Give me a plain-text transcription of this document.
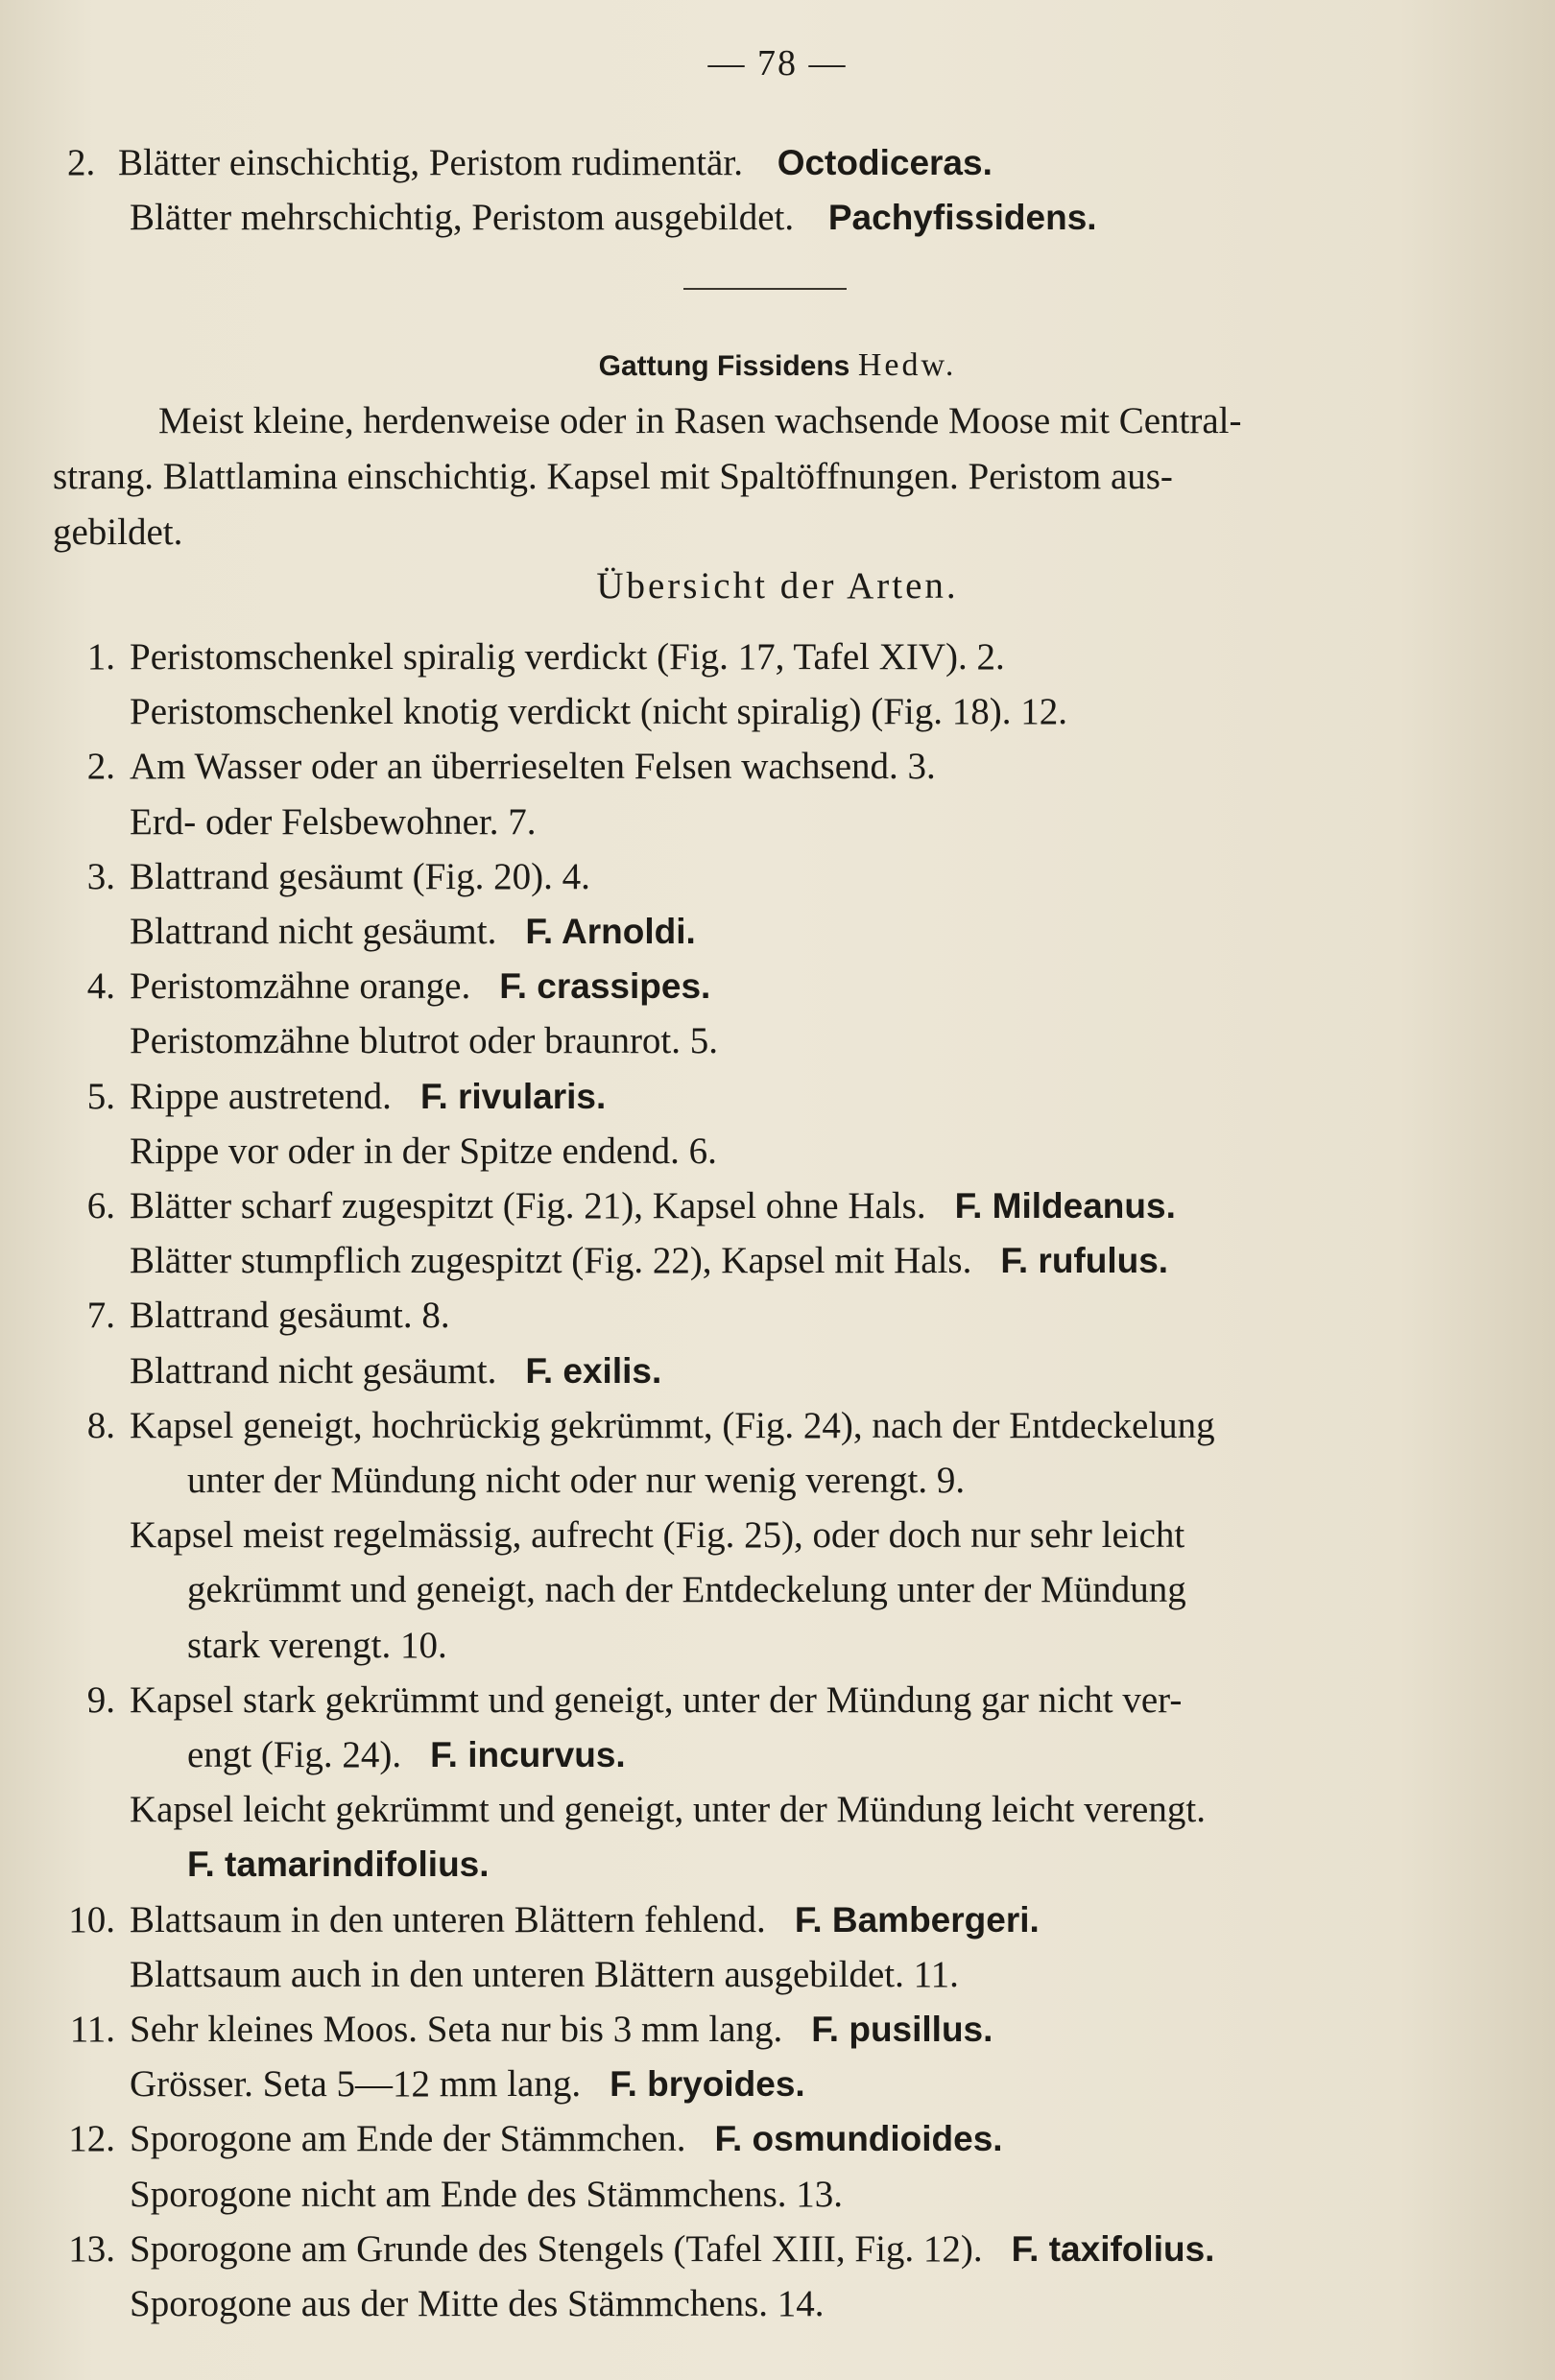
— 78 —
2. Blätter einschichtig, Peristom rudimentär. Octodiceras.
Blätter mehrschichtig, Peristom ausgebildet. Pachyfissidens.
Gattung Fissidens Hedw.
Meist kleine, herdenweise oder in Rasen wachsende Moose mit Central-
strang. Blattlamina einschichtig. Kapsel mit Spaltöffnungen. Peristom aus-
gebildet.
Übersicht der Arten.
1. Peristomschenkel spiralig verdickt (Fig. 17, Tafel XIV). 2.
Peristomschenkel knotig verdickt (nicht spiralig) (Fig. 18). 12.
2. Am Wasser oder an überrieselten Felsen wachsend. 3.
Erd- oder Felsbewohner. 7.
3. Blattrand gesäumt (Fig. 20). 4.
Blattrand nicht gesäumt. F. Arnoldi.
4. Peristomzähne orange. F. crassipes.
Peristomzähne blutrot oder braunrot. 5.
5. Rippe austretend. F. rivularis.
Rippe vor oder in der Spitze endend. 6.
6. Blätter scharf zugespitzt (Fig. 21), Kapsel ohne Hals. F. Mildeanus.
Blätter stumpflich zugespitzt (Fig. 22), Kapsel mit Hals. F. rufulus.
7. Blattrand gesäumt. 8.
Blattrand nicht gesäumt. F. exilis.
8. Kapsel geneigt, hochrückig gekrümmt, (Fig. 24), nach der Entdeckelung
unter der Mündung nicht oder nur wenig verengt. 9.
Kapsel meist regelmässig, aufrecht (Fig. 25), oder doch nur sehr leicht
gekrümmt und geneigt, nach der Entdeckelung unter der Mündung
stark verengt. 10.
9. Kapsel stark gekrümmt und geneigt, unter der Mündung gar nicht ver-
engt (Fig. 24). F. incurvus.
Kapsel leicht gekrümmt und geneigt, unter der Mündung leicht verengt.
F. tamarindifolius.
10. Blattsaum in den unteren Blättern fehlend. F. Bambergeri.
Blattsaum auch in den unteren Blättern ausgebildet. 11.
11. Sehr kleines Moos. Seta nur bis 3 mm lang. F. pusillus.
Grösser. Seta 5—12 mm lang. F. bryoides.
12. Sporogone am Ende der Stämmchen. F. osmundioides.
Sporogone nicht am Ende des Stämmchens. 13.
13. Sporogone am Grunde des Stengels (Tafel XIII, Fig. 12). F. taxifolius.
Sporogone aus der Mitte des Stämmchens. 14.
